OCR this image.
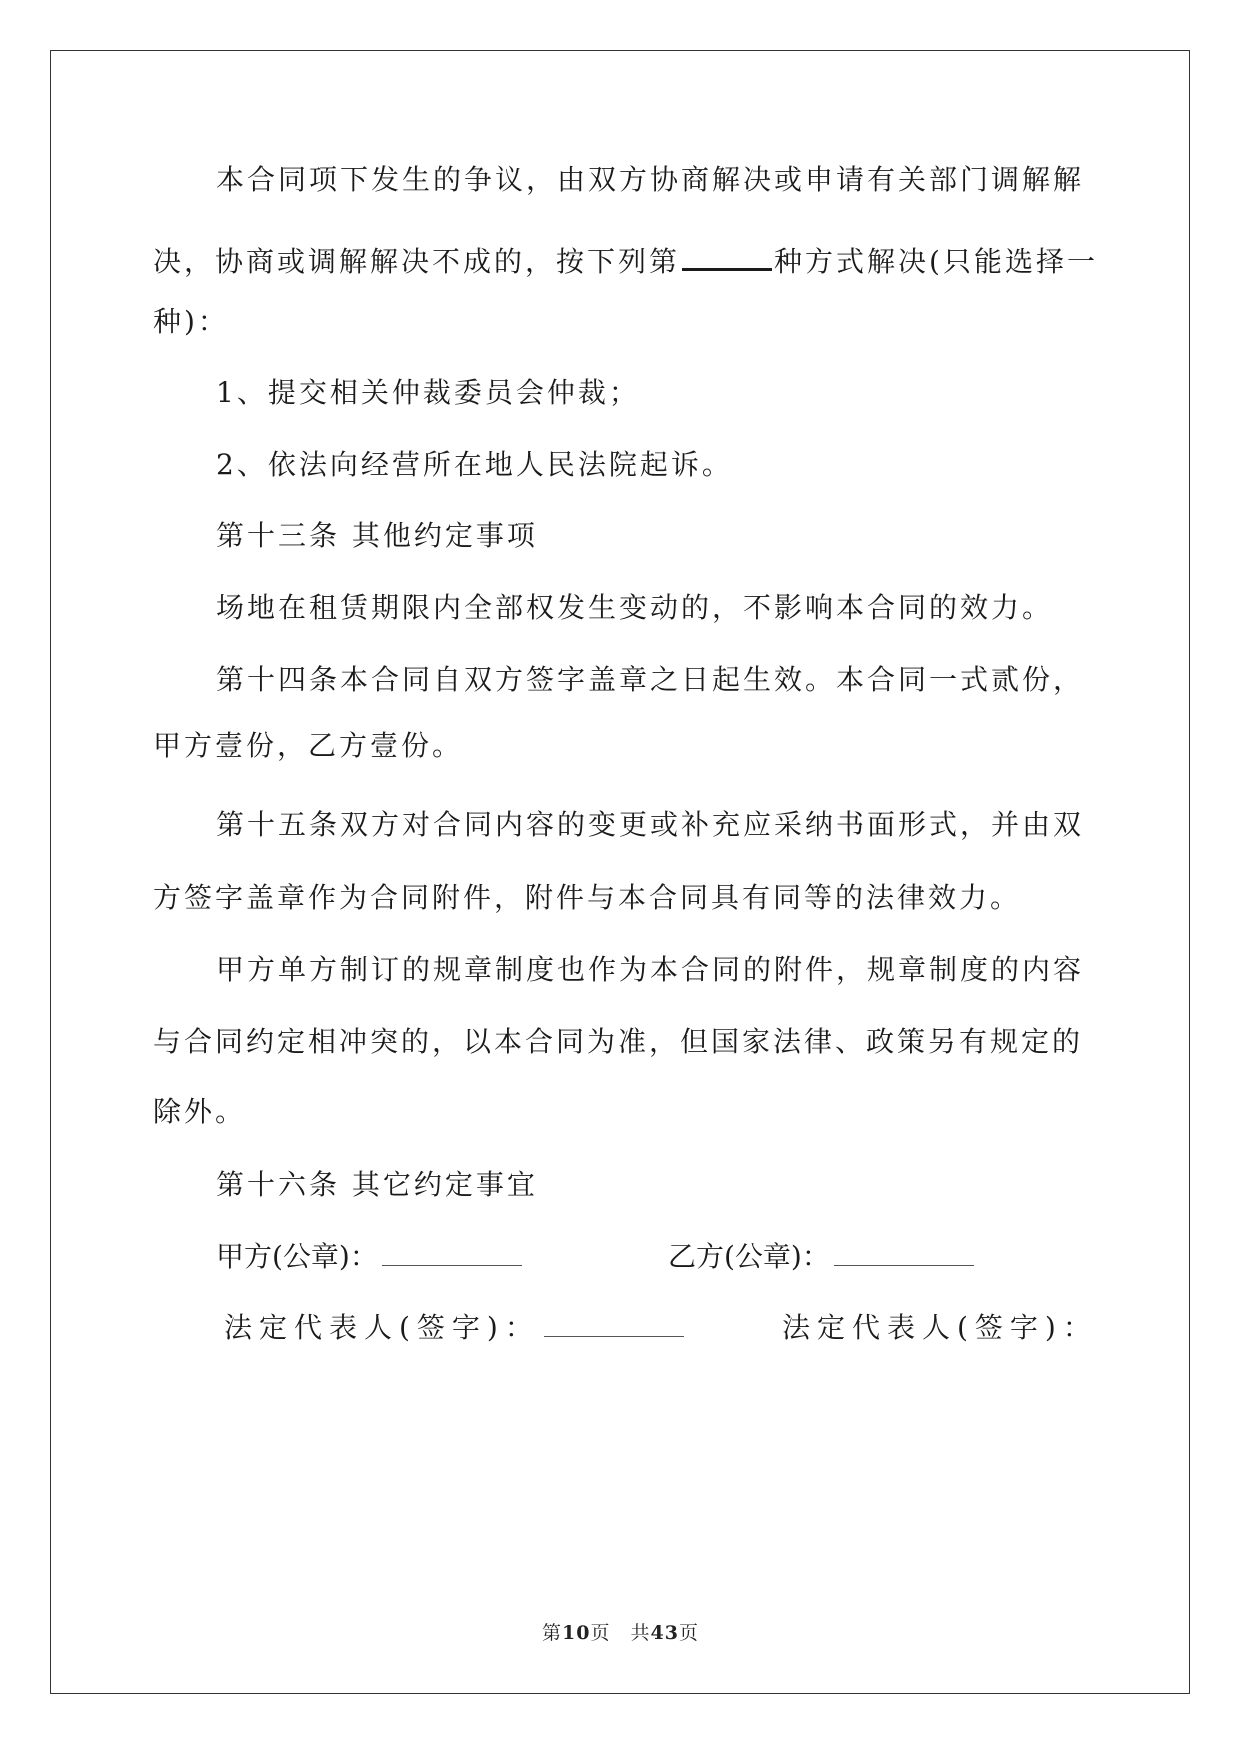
本合同项下发生的争议，由双方协商解决或申请有关部门调解解
决，协商或调解解决不成的，按下列第	种方式解决(只能选择一
种)：
1、提交相关仲裁委员会仲裁；
2、依法向经营所在地人民法院起诉。
第十三条 其他约定事项
场地在租赁期限内全部权发生变动的，不影响本合同的效力。
第十四条本合同自双方签字盖章之日起生效。本合同一式贰份，
甲方壹份，乙方壹份。
第十五条双方对合同内容的变更或补充应采纳书面形式，并由双
方签字盖章作为合同附件，附件与本合同具有同等的法律效力。
甲方单方制订的规章制度也作为本合同的附件，规章制度的内容
与合同约定相冲突的，以本合同为准，但国家法律、政策另有规定的
除外。
第十六条 其它约定事宜
甲方(公章)：	乙方(公章)：
法定代表人(签字)：	法定代表人(签字)：
第10页　共43页
